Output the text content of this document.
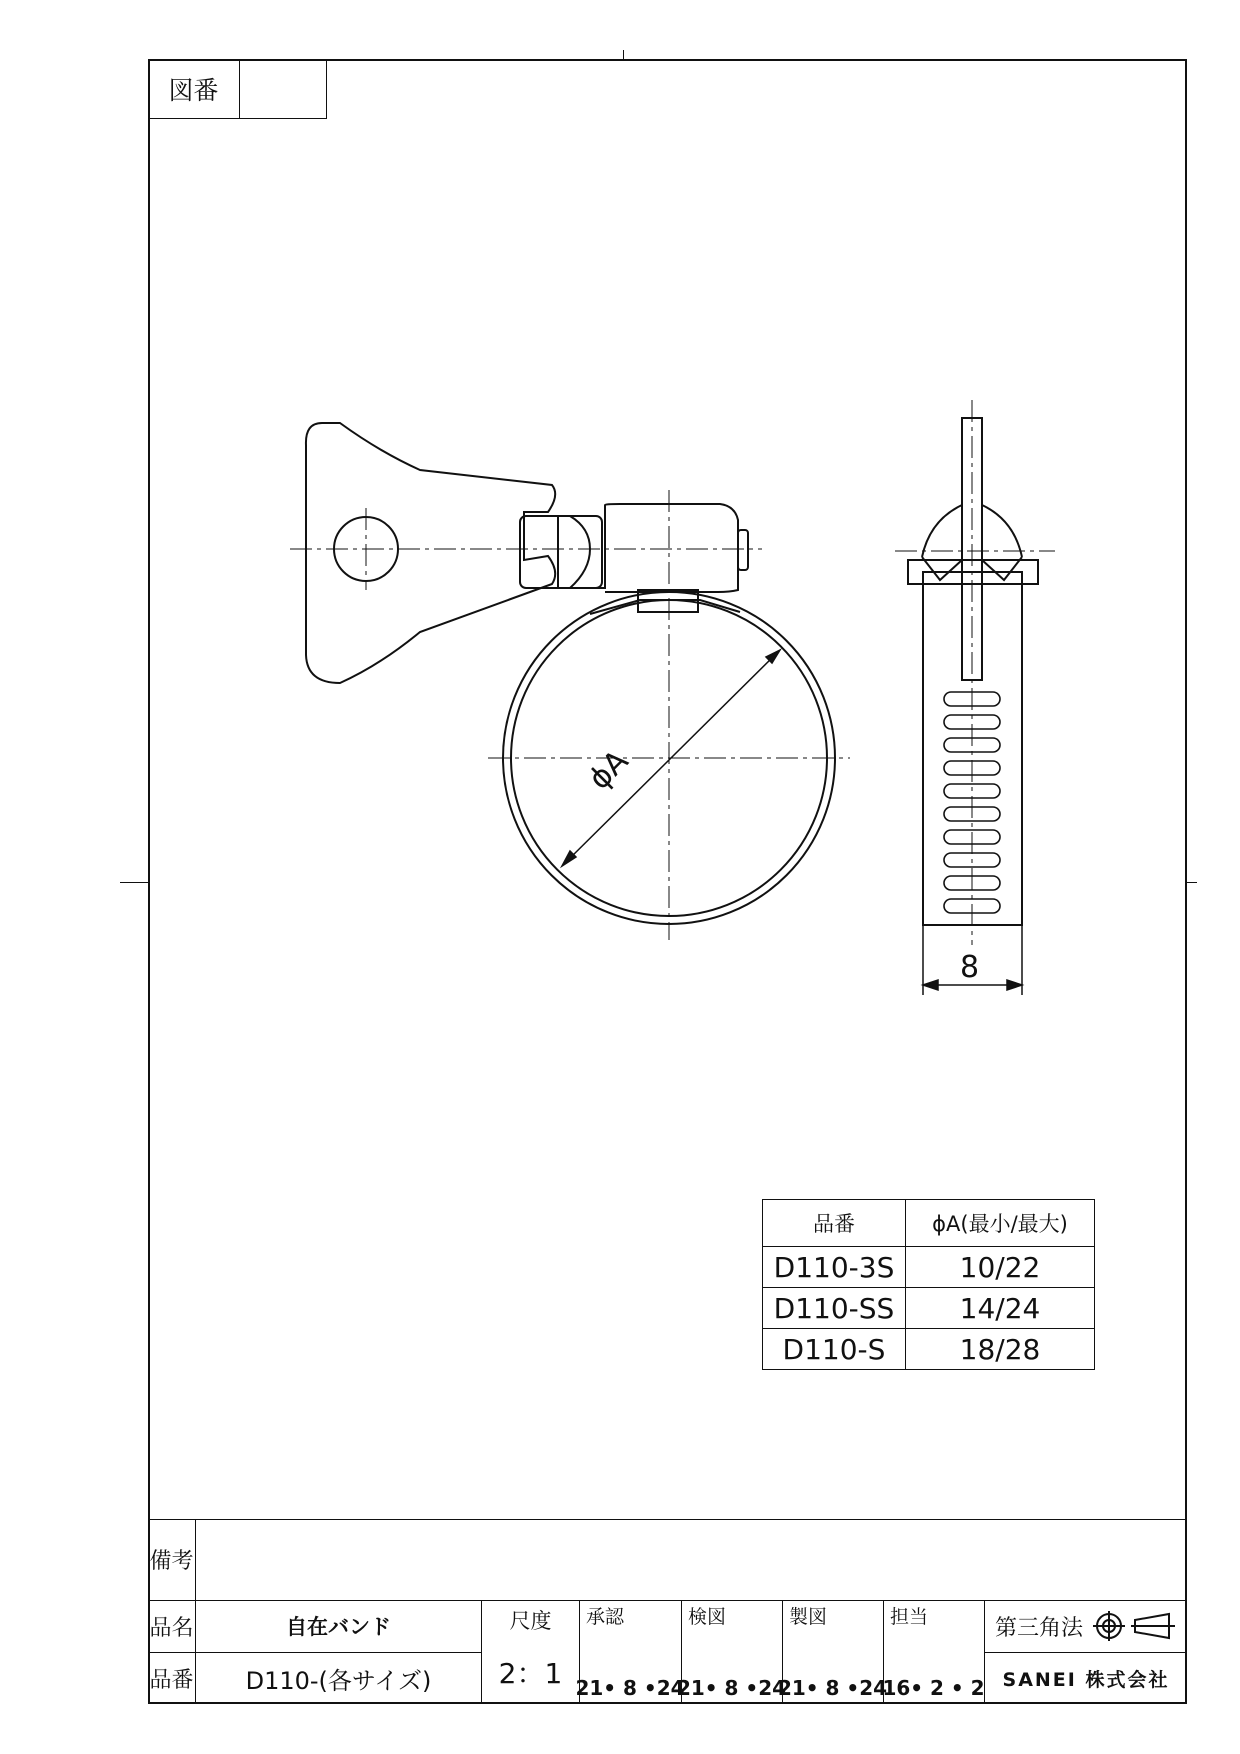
図番
ϕA
8
品番	ϕA(最小/最大)
D110-3S	10/22
D110-SS	14/24
D110-S	18/28
備考
品名	自在バンド
品番	D110-(各サイズ)
尺度
2：1
承認
21• 8 •24
検図
21• 8 •24
製図
21• 8 •24
担当
16• 2 • 2
第三角法
SANEI 株式会社
